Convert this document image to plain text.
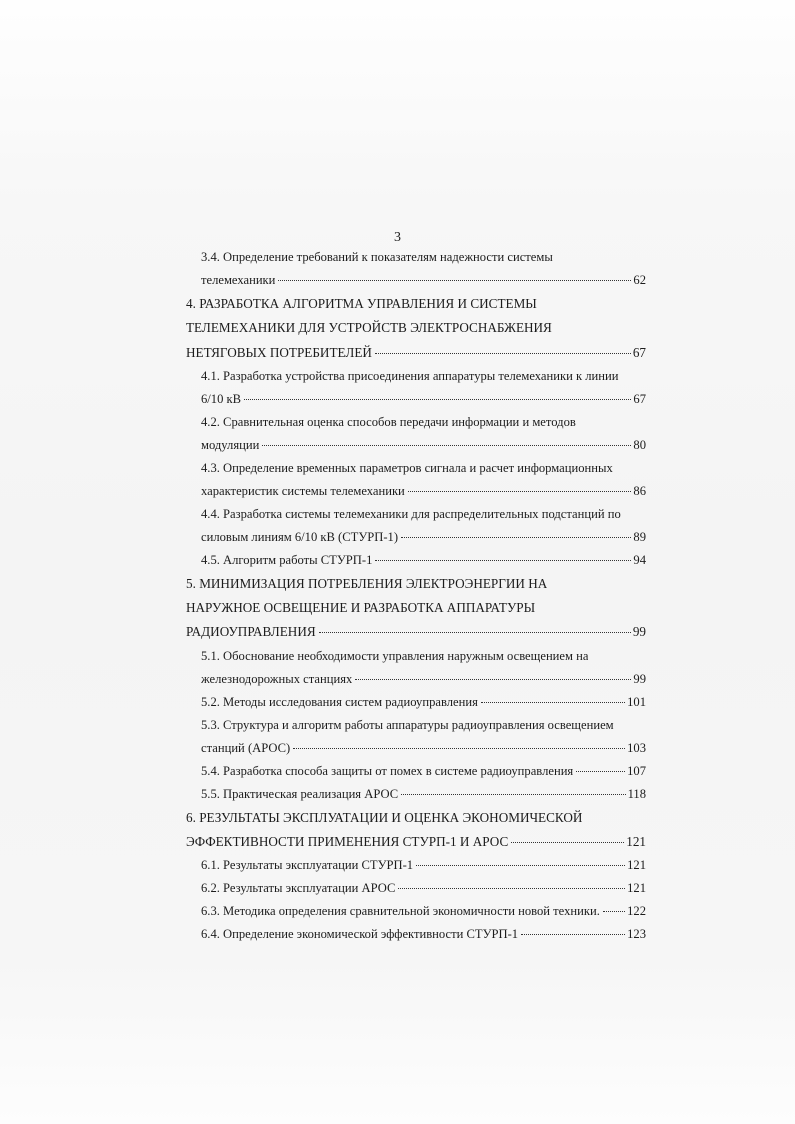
3
3.4. Определение требований к показателям надежности системы
телемеханики	62
4. РАЗРАБОТКА АЛГОРИТМА УПРАВЛЕНИЯ И СИСТЕМЫ
ТЕЛЕМЕХАНИКИ ДЛЯ УСТРОЙСТВ ЭЛЕКТРОСНАБЖЕНИЯ
НЕТЯГОВЫХ ПОТРЕБИТЕЛЕЙ	67
4.1. Разработка устройства присоединения аппаратуры телемеханики к линии
6/10 кВ	67
4.2. Сравнительная оценка способов передачи информации и методов
модуляции	80
4.3. Определение временных параметров сигнала и расчет информационных
характеристик системы телемеханики	86
4.4. Разработка системы телемеханики для распределительных подстанций по
силовым линиям 6/10 кВ (СТУРП-1)	89
4.5. Алгоритм работы СТУРП-1	94
5. МИНИМИЗАЦИЯ ПОТРЕБЛЕНИЯ ЭЛЕКТРОЭНЕРГИИ НА
НАРУЖНОЕ ОСВЕЩЕНИЕ И РАЗРАБОТКА АППАРАТУРЫ
РАДИОУПРАВЛЕНИЯ	99
5.1. Обоснование необходимости управления наружным освещением на
железнодорожных станциях	99
5.2. Методы исследования систем радиоуправления	101
5.3. Структура и алгоритм работы аппаратуры радиоуправления освещением
станций (АРОС)	103
5.4. Разработка способа защиты от помех в системе радиоуправления	107
5.5. Практическая реализация АРОС	118
6. РЕЗУЛЬТАТЫ ЭКСПЛУАТАЦИИ И ОЦЕНКА ЭКОНОМИЧЕСКОЙ
ЭФФЕКТИВНОСТИ ПРИМЕНЕНИЯ СТУРП-1 И АРОС	121
6.1. Результаты эксплуатации СТУРП-1	121
6.2. Результаты эксплуатации АРОС	121
6.3. Методика определения сравнительной экономичности новой техники. 122
6.4. Определение экономической эффективности СТУРП-1	123
